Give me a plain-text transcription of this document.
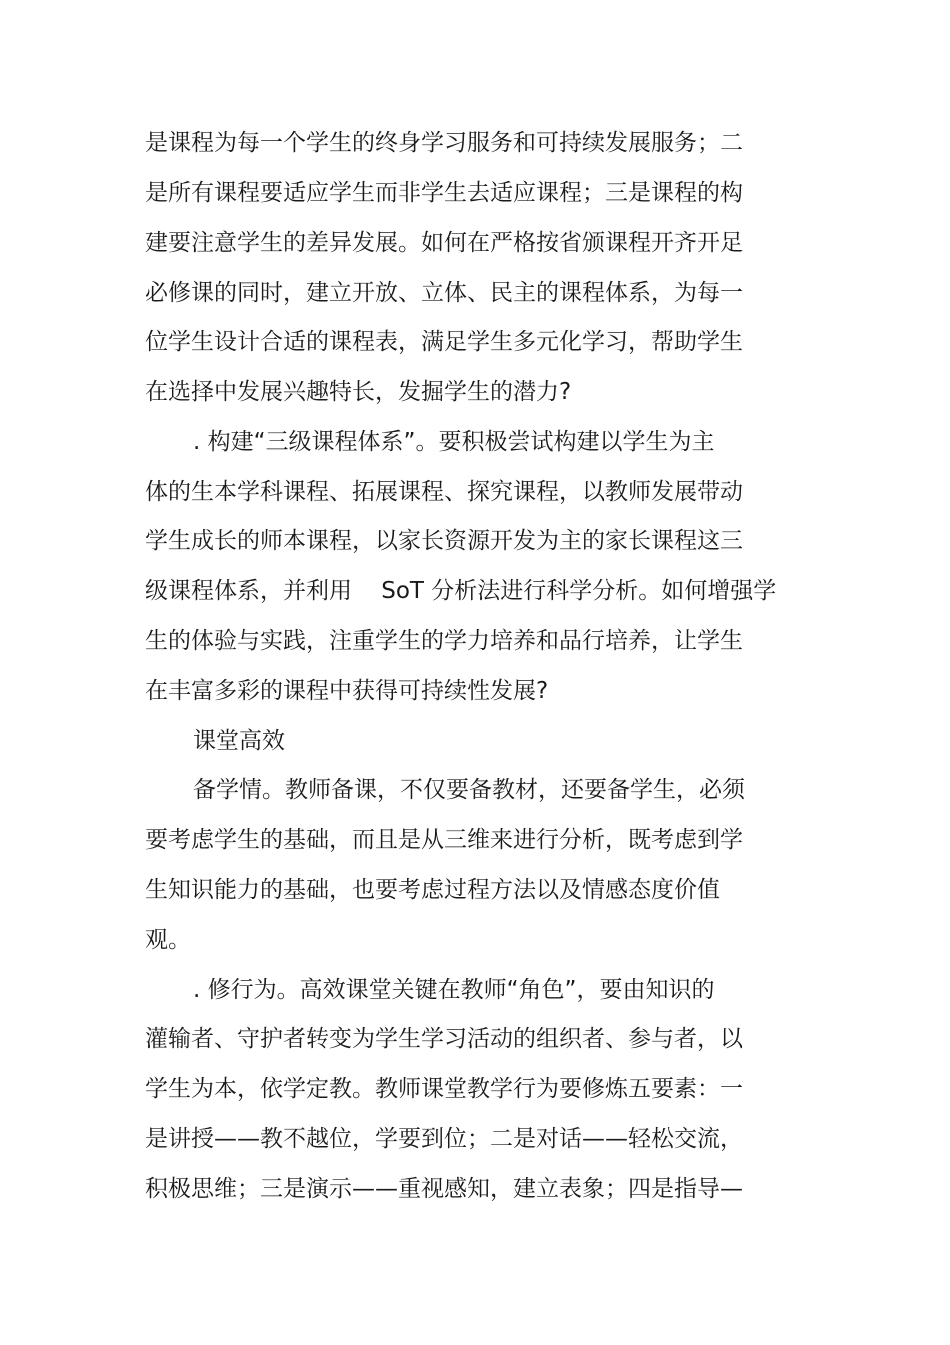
是课程为每一个学生的终身学习服务和可持续发展服务；二
是所有课程要适应学生而非学生去适应课程；三是课程的构
建要注意学生的差异发展。如何在严格按省颁课程开齐开足
必修课的同时，建立开放、立体、民主的课程体系，为每一
位学生设计合适的课程表，满足学生多元化学习，帮助学生
在选择中发展兴趣特长，发掘学生的潜力?
. 构建“三级课程体系”。要积极尝试构建以学生为主
体的生本学科课程、拓展课程、探究课程，以教师发展带动
学生成长的师本课程，以家长资源开发为主的家长课程这三
级课程体系，并利用    SoT 分析法进行科学分析。如何增强学
生的体验与实践，注重学生的学力培养和品行培养，让学生
在丰富多彩的课程中获得可持续性发展?
课堂高效
备学情。教师备课，不仅要备教材，还要备学生，必须
要考虑学生的基础，而且是从三维来进行分析，既考虑到学
生知识能力的基础，也要考虑过程方法以及情感态度价值
观。
. 修行为。高效课堂关键在教师“角色”，要由知识的
灌输者、守护者转变为学生学习活动的组织者、参与者，以
学生为本，依学定教。教师课堂教学行为要修炼五要素：一
是讲授——教不越位，学要到位；二是对话——轻松交流，
积极思维；三是演示——重视感知，建立表象；四是指导—
